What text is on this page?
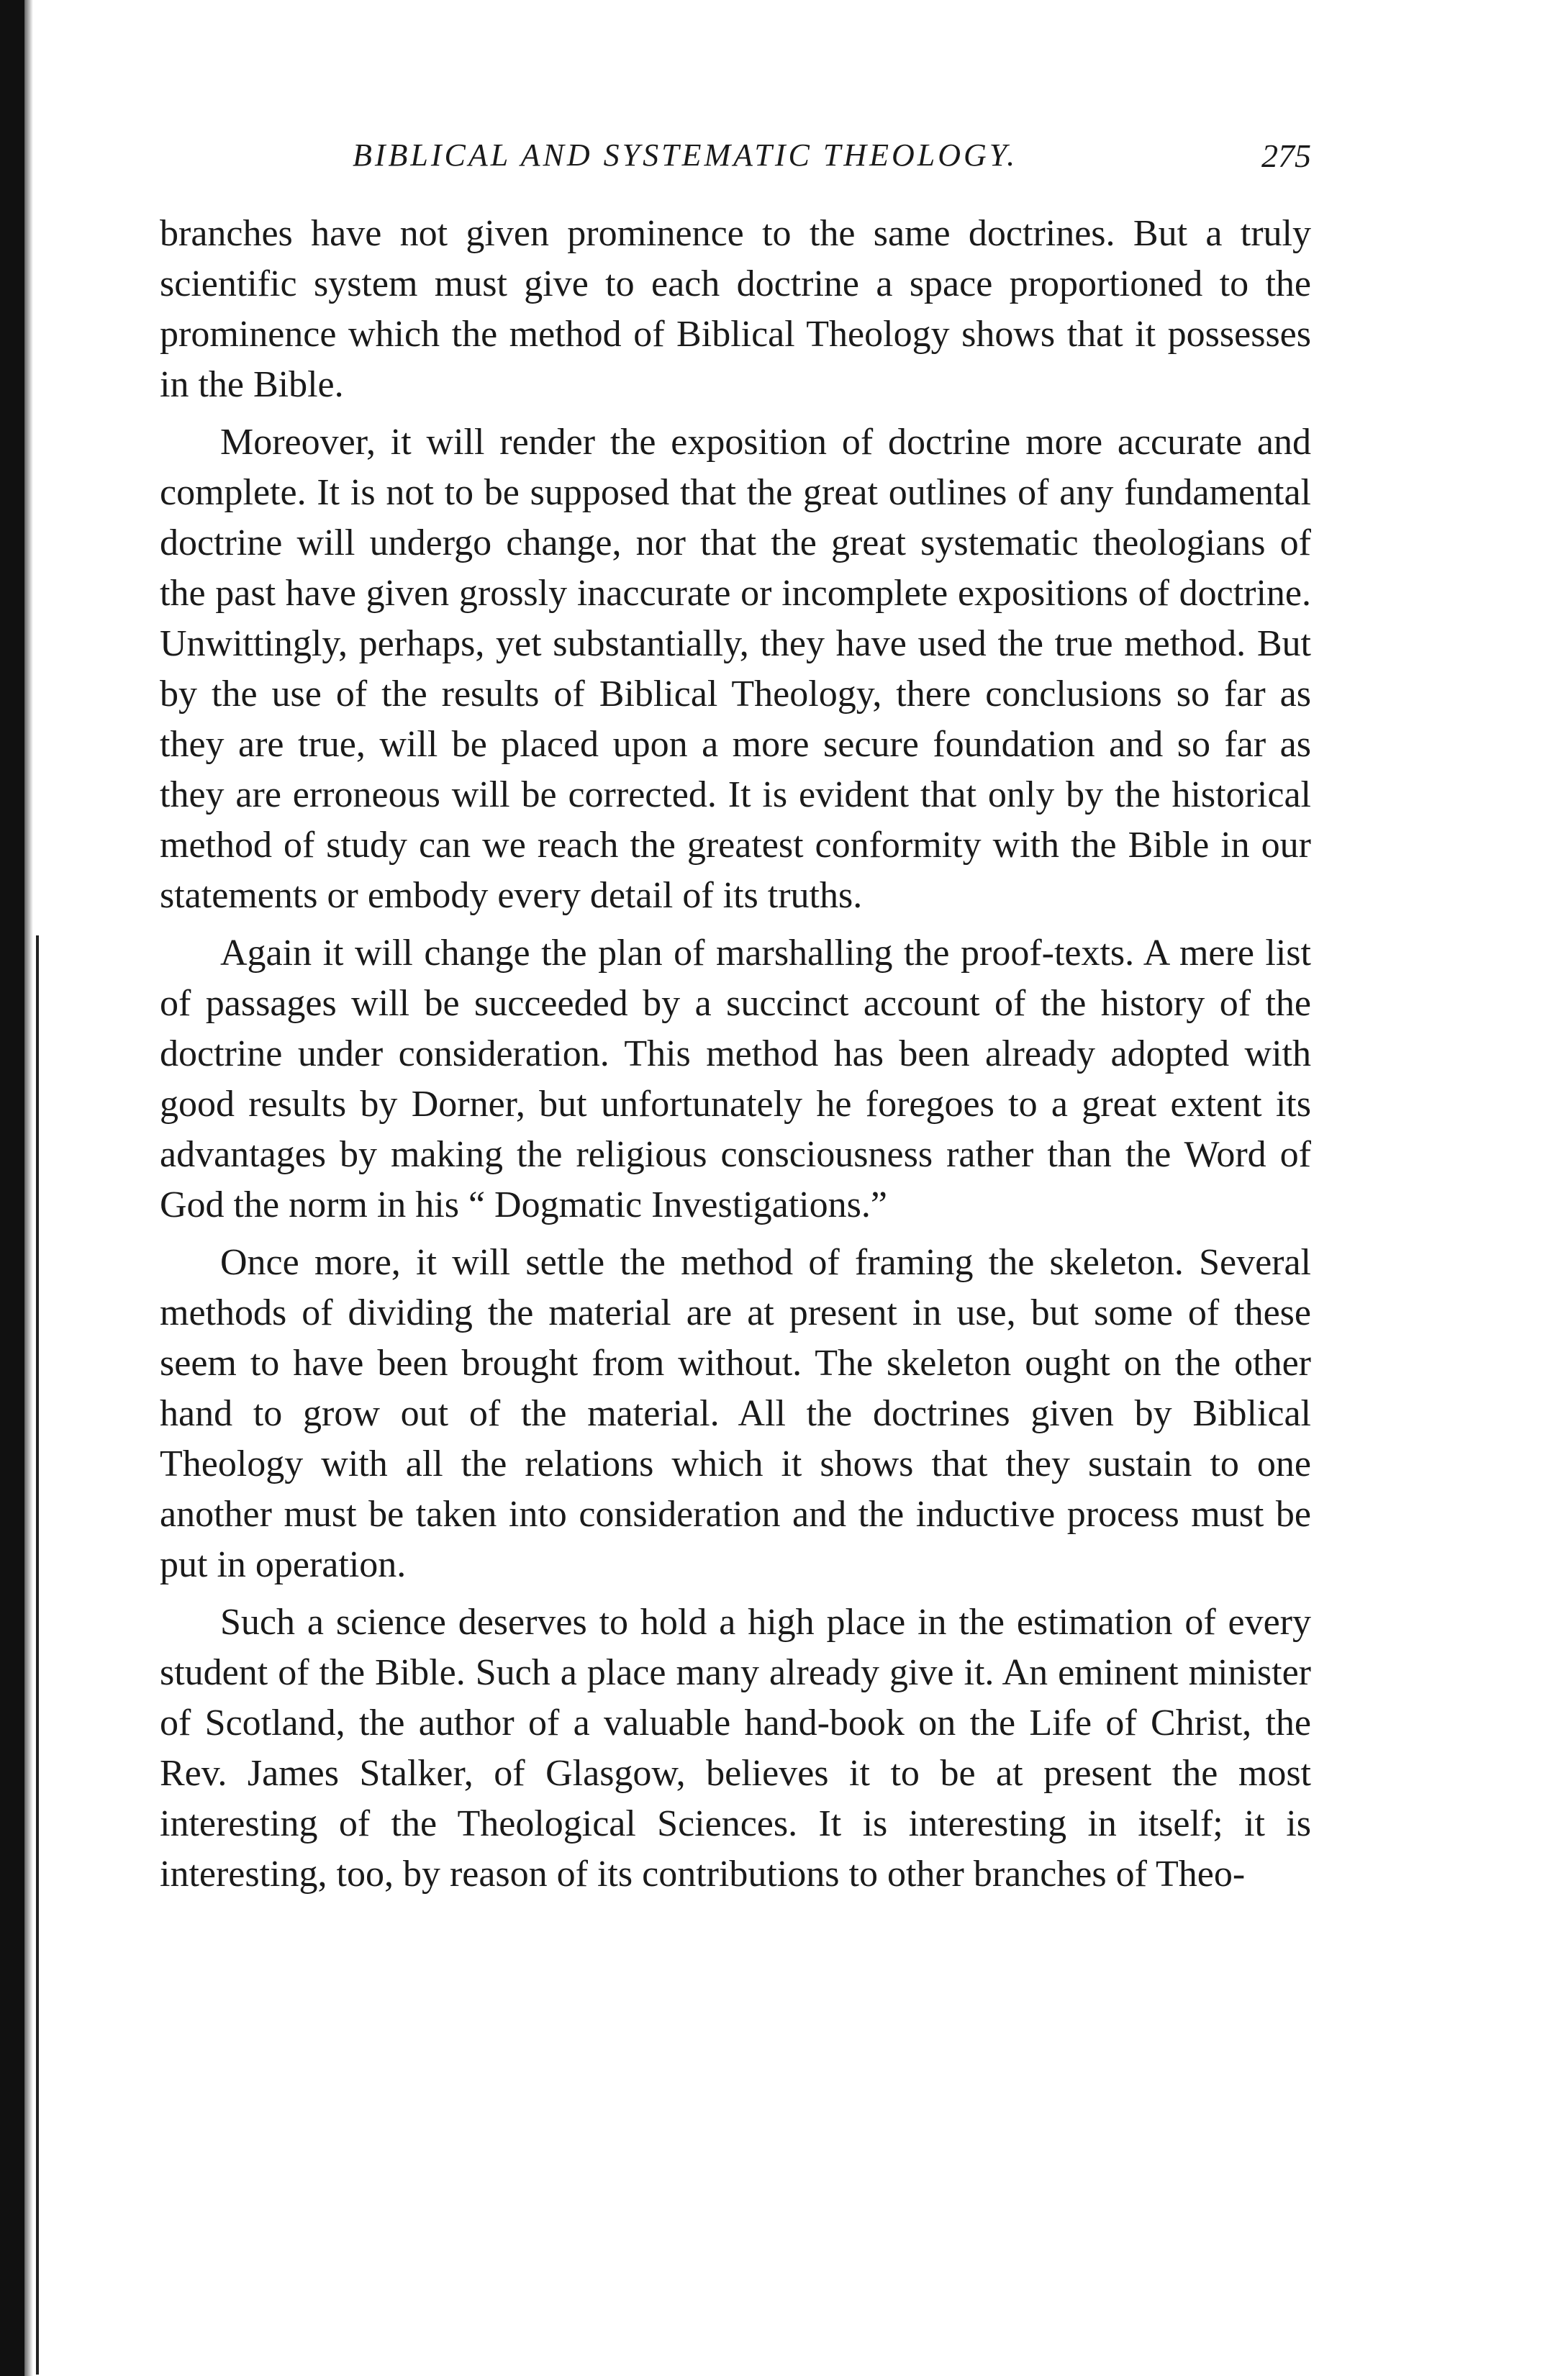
BIBLICAL AND SYSTEMATIC THEOLOGY.	275

branches have not given prominence to the same doctrines. But a truly scientific system must give to each doctrine a space proportioned to the prominence which the method of Biblical Theology shows that it possesses in the Bible.

Moreover, it will render the exposition of doctrine more accurate and complete. It is not to be supposed that the great outlines of any fundamental doctrine will undergo change, nor that the great systematic theologians of the past have given grossly inaccurate or incomplete expositions of doctrine. Unwittingly, perhaps, yet substantially, they have used the true method. But by the use of the results of Biblical Theology, there conclusions so far as they are true, will be placed upon a more secure foundation and so far as they are erroneous will be corrected. It is evident that only by the historical method of study can we reach the greatest conformity with the Bible in our statements or embody every detail of its truths.

Again it will change the plan of marshalling the proof-texts. A mere list of passages will be succeeded by a succinct account of the history of the doctrine under consideration. This method has been already adopted with good results by Dorner, but unfortunately he foregoes to a great extent its advantages by making the religious consciousness rather than the Word of God the norm in his “ Dogmatic Investigations.”

Once more, it will settle the method of framing the skeleton. Several methods of dividing the material are at present in use, but some of these seem to have been brought from without. The skeleton ought on the other hand to grow out of the material. All the doctrines given by Biblical Theology with all the relations which it shows that they sustain to one another must be taken into consideration and the inductive process must be put in operation.

Such a science deserves to hold a high place in the estimation of every student of the Bible. Such a place many already give it. An eminent minister of Scotland, the author of a valuable hand-book on the Life of Christ, the Rev. James Stalker, of Glasgow, believes it to be at present the most interesting of the Theological Sciences. It is interesting in itself; it is interesting, too, by reason of its contributions to other branches of Theo-
